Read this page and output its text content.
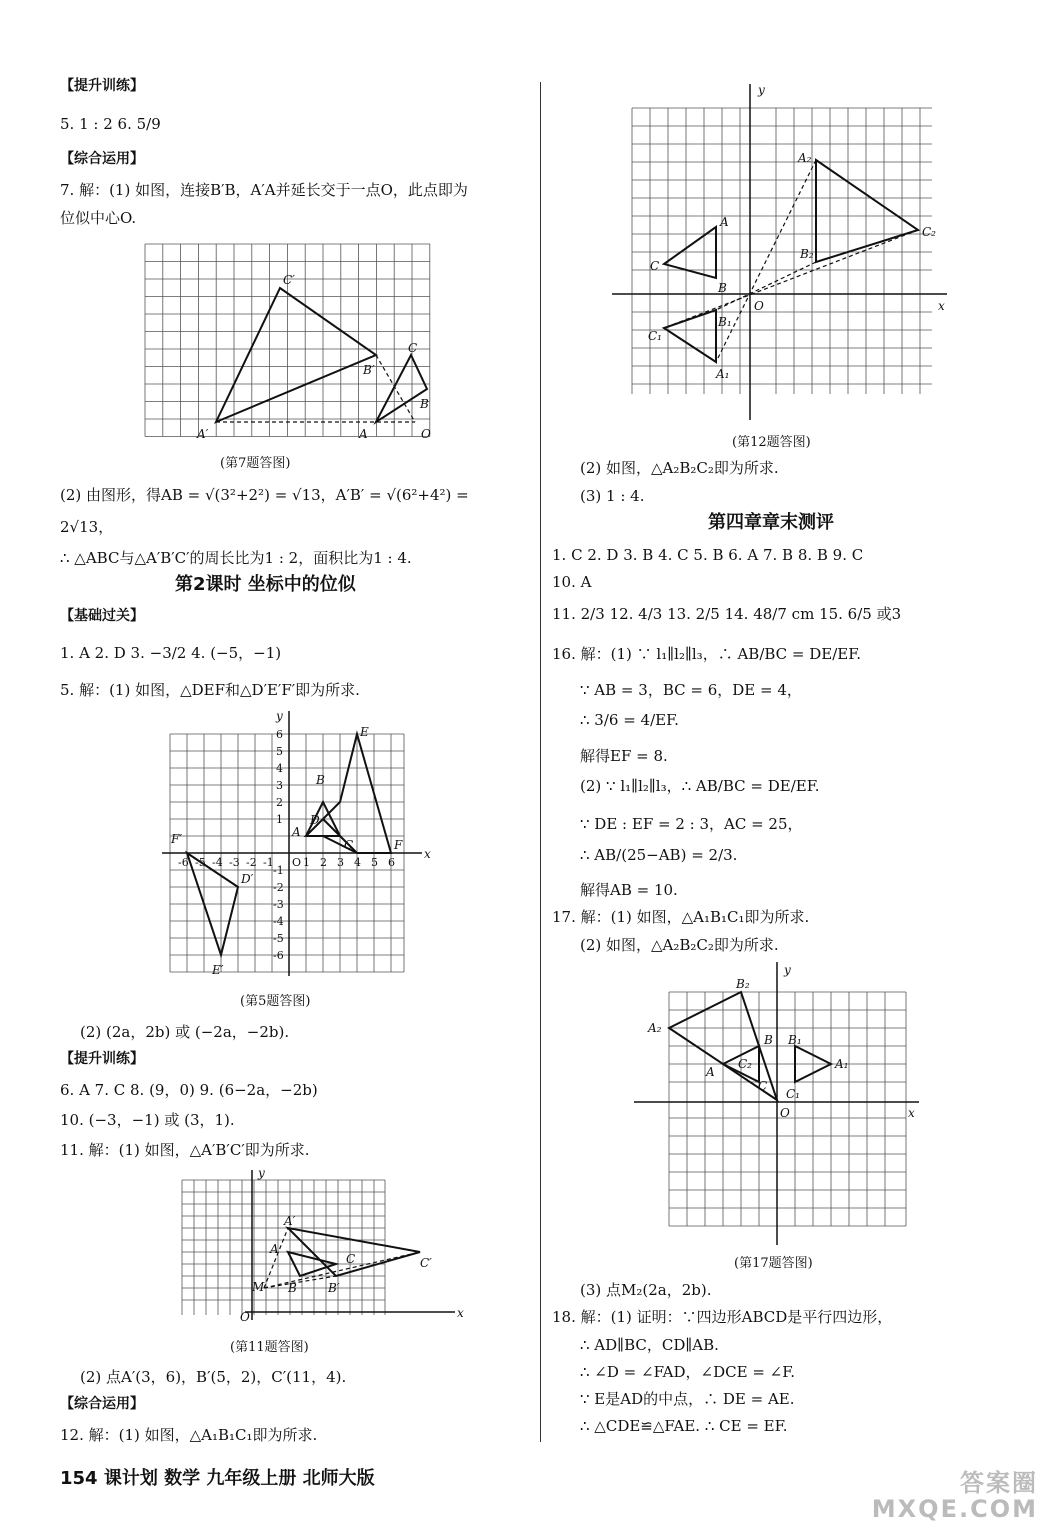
【提升训练】
5. 1 : 2 6. 5/9
【综合运用】
7. 解：(1) 如图，连接B′B，A′A并延长交于一点O，此点即为
位似中心O.
C′
B′
C
B
A′	A	O
(第7题答图)
(2) 由图形，得AB = √(3²+2²) = √13，A′B′ = √(6²+4²) =
2√13，
∴ △ABC与△A′B′C′的周长比为1 : 2，面积比为1 : 4.
第2课时 坐标中的位似
【基础过关】
1. A 2. D 3. −3/2 4. (−5，−1)
5. 解：(1) 如图，△DEF和△D′E′F′即为所求.
x
y
6
5
4
3
2
1
-1
-2
-3
-4
-5
-6
-6 -5 -4 -3 -2 -1	1 2 3 4 5 6
E
B
D
A
C	F
F′
D′
E′
O
(第5题答图)
(2) (2a，2b) 或 (−2a，−2b).
【提升训练】
6. A 7. C 8. (9，0) 9. (6−2a，−2b)
10. (−3，−1) 或 (3，1).
11. 解：(1) 如图，△A′B′C′即为所求.
x
y
A′
A
C	C′
M B	B′
O
(第11题答图)
(2) 点A′(3，6)，B′(5，2)，C′(11，4).
【综合运用】
12. 解：(1) 如图，△A₁B₁C₁即为所求.
x
y
A₂
C₂
A
C
B₂
B
B₁
C₁
A₁
O
(第12题答图)
(2) 如图，△A₂B₂C₂即为所求.
(3) 1 : 4.
第四章章末测评
1. C 2. D 3. B 4. C 5. B 6. A 7. B 8. B 9. C
10. A
11. 2/3 12. 4/3 13. 2/5 14. 48/7 cm 15. 6/5 或3
16. 解：(1) ∵ l₁∥l₂∥l₃，∴ AB/BC = DE/EF.
∵ AB = 3，BC = 6，DE = 4，
∴ 3/6 = 4/EF.
解得EF = 8.
(2) ∵ l₁∥l₂∥l₃，∴ AB/BC = DE/EF.
∵ DE : EF = 2 : 3，AC = 25，
∴ AB/(25−AB) = 2/3.
解得AB = 10.
17. 解：(1) 如图，△A₁B₁C₁即为所求.
(2) 如图，△A₂B₂C₂即为所求.
x
y
B₂
A₂
B B₁
A₁
A
C₂
C
C₁
O
(第17题答图)
(3) 点M₂(2a，2b).
18. 解：(1) 证明：∵四边形ABCD是平行四边形，
∴ AD∥BC，CD∥AB.
∴ ∠D = ∠FAD，∠DCE = ∠F.
∵ E是AD的中点，∴ DE = AE.
∴ △CDE≌△FAE. ∴ CE = EF.
154 课计划 数学 九年级上册 北师大版	答案圈
MXQE.COM
